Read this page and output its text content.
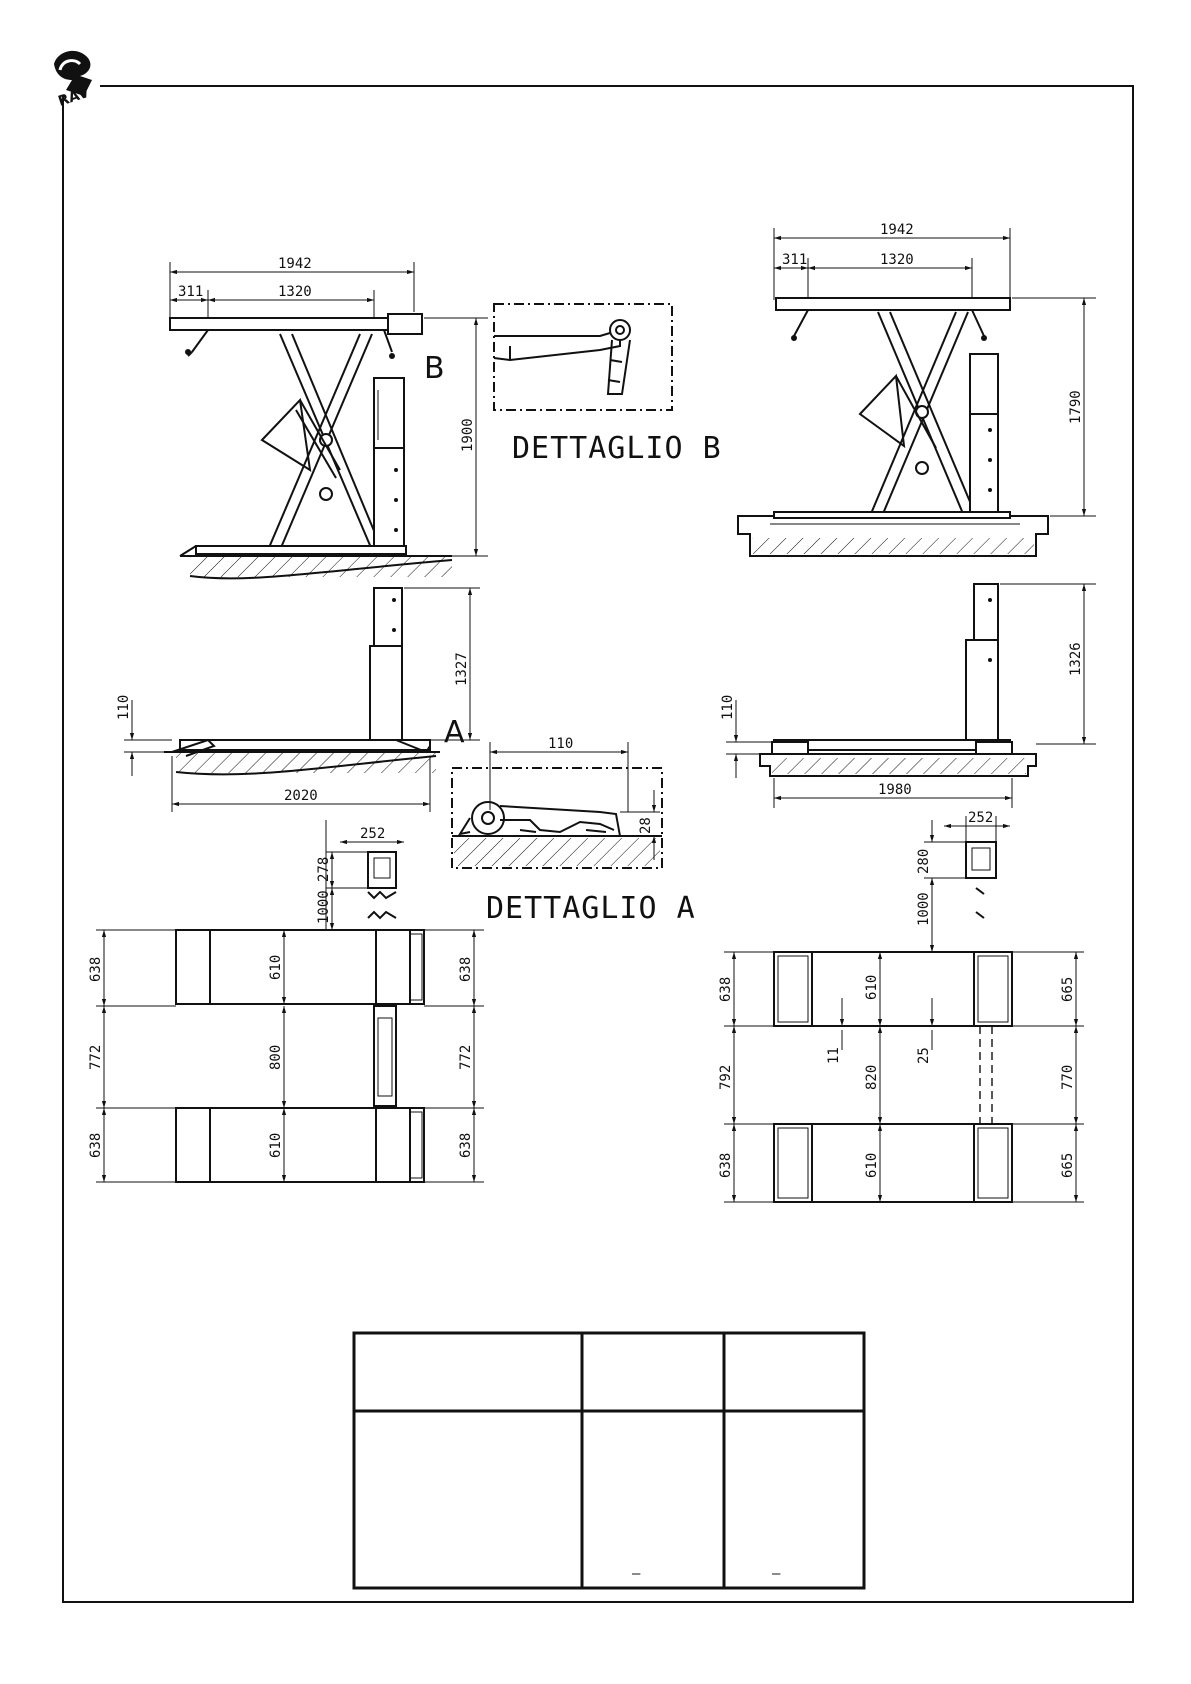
RAV
1942
311	1320
1900
B
DETTAGLIO B
1942
311	1320
1790
1327
110
2020
A	110
28
DETTAGLIO A
1326
110
1980
252
278
1000
638
772
638
610
800
610
638
772
638
252
280
1000
638
792
638
610
820
610
11	25
665
770
665
–	–
